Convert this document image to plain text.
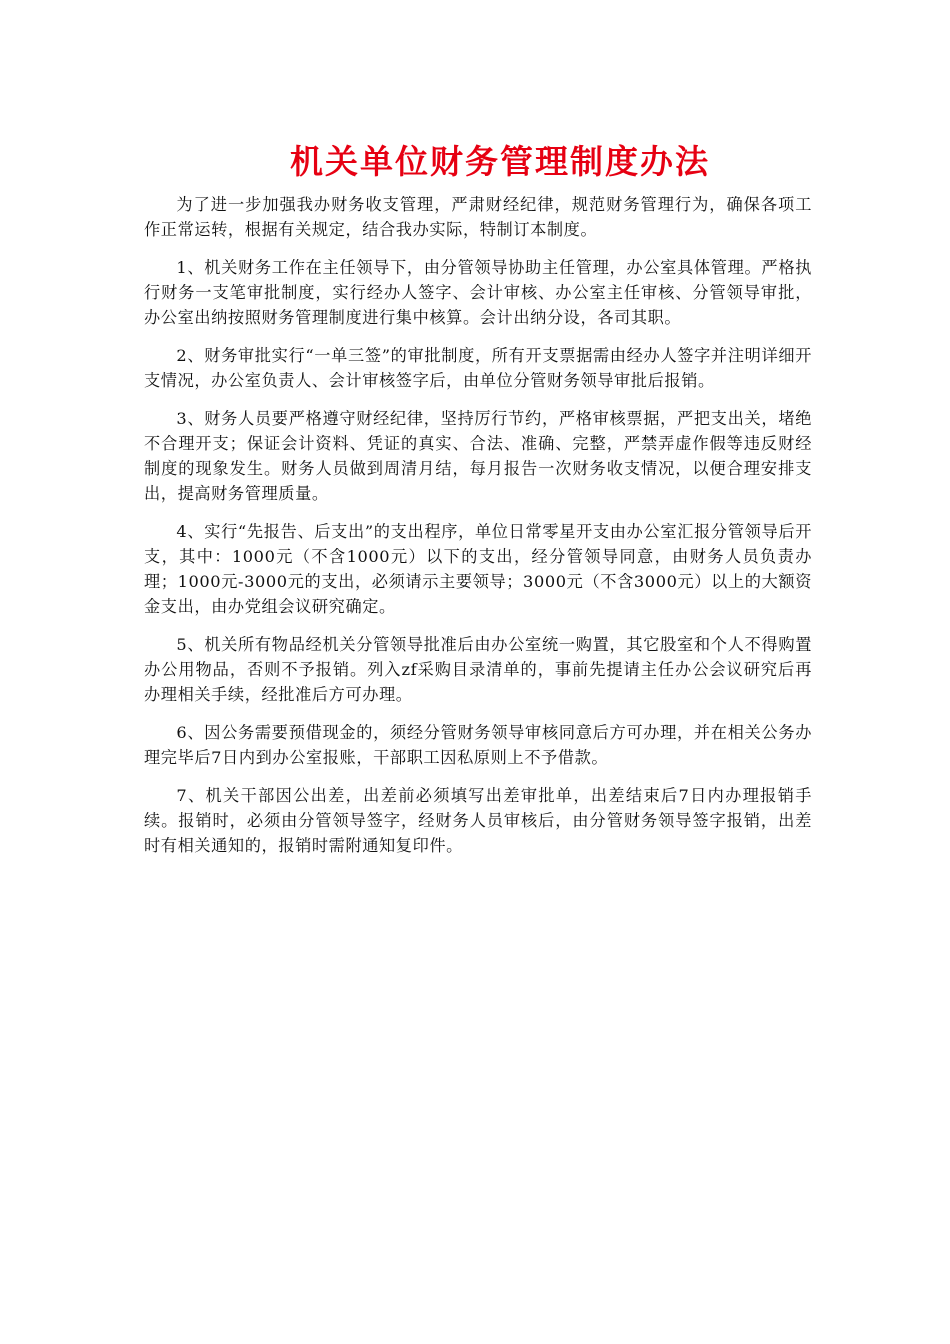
机关单位财务管理制度办法

为了进一步加强我办财务收支管理，严肃财经纪律，规范财务管理行为，确保各项工作正常运转，根据有关规定，结合我办实际，特制订本制度。

1、机关财务工作在主任领导下，由分管领导协助主任管理，办公室具体管理。严格执行财务一支笔审批制度，实行经办人签字、会计审核、办公室主任审核、分管领导审批，办公室出纳按照财务管理制度进行集中核算。会计出纳分设，各司其职。

2、财务审批实行“一单三签”的审批制度，所有开支票据需由经办人签字并注明详细开支情况，办公室负责人、会计审核签字后，由单位分管财务领导审批后报销。

3、财务人员要严格遵守财经纪律，坚持厉行节约，严格审核票据，严把支出关，堵绝不合理开支；保证会计资料、凭证的真实、合法、准确、完整，严禁弄虚作假等违反财经制度的现象发生。财务人员做到周清月结，每月报告一次财务收支情况，以便合理安排支出，提高财务管理质量。

4、实行“先报告、后支出”的支出程序，单位日常零星开支由办公室汇报分管领导后开支，其中：1000元（不含1000元）以下的支出，经分管领导同意，由财务人员负责办理；1000元-3000元的支出，必须请示主要领导；3000元（不含3000元）以上的大额资金支出，由办党组会议研究确定。

5、机关所有物品经机关分管领导批准后由办公室统一购置，其它股室和个人不得购置办公用物品，否则不予报销。列入zf采购目录清单的，事前先提请主任办公会议研究后再办理相关手续，经批准后方可办理。

6、因公务需要预借现金的，须经分管财务领导审核同意后方可办理，并在相关公务办理完毕后7日内到办公室报账，干部职工因私原则上不予借款。

7、机关干部因公出差，出差前必须填写出差审批单，出差结束后7日内办理报销手续。报销时，必须由分管领导签字，经财务人员审核后，由分管财务领导签字报销，出差时有相关通知的，报销时需附通知复印件。
